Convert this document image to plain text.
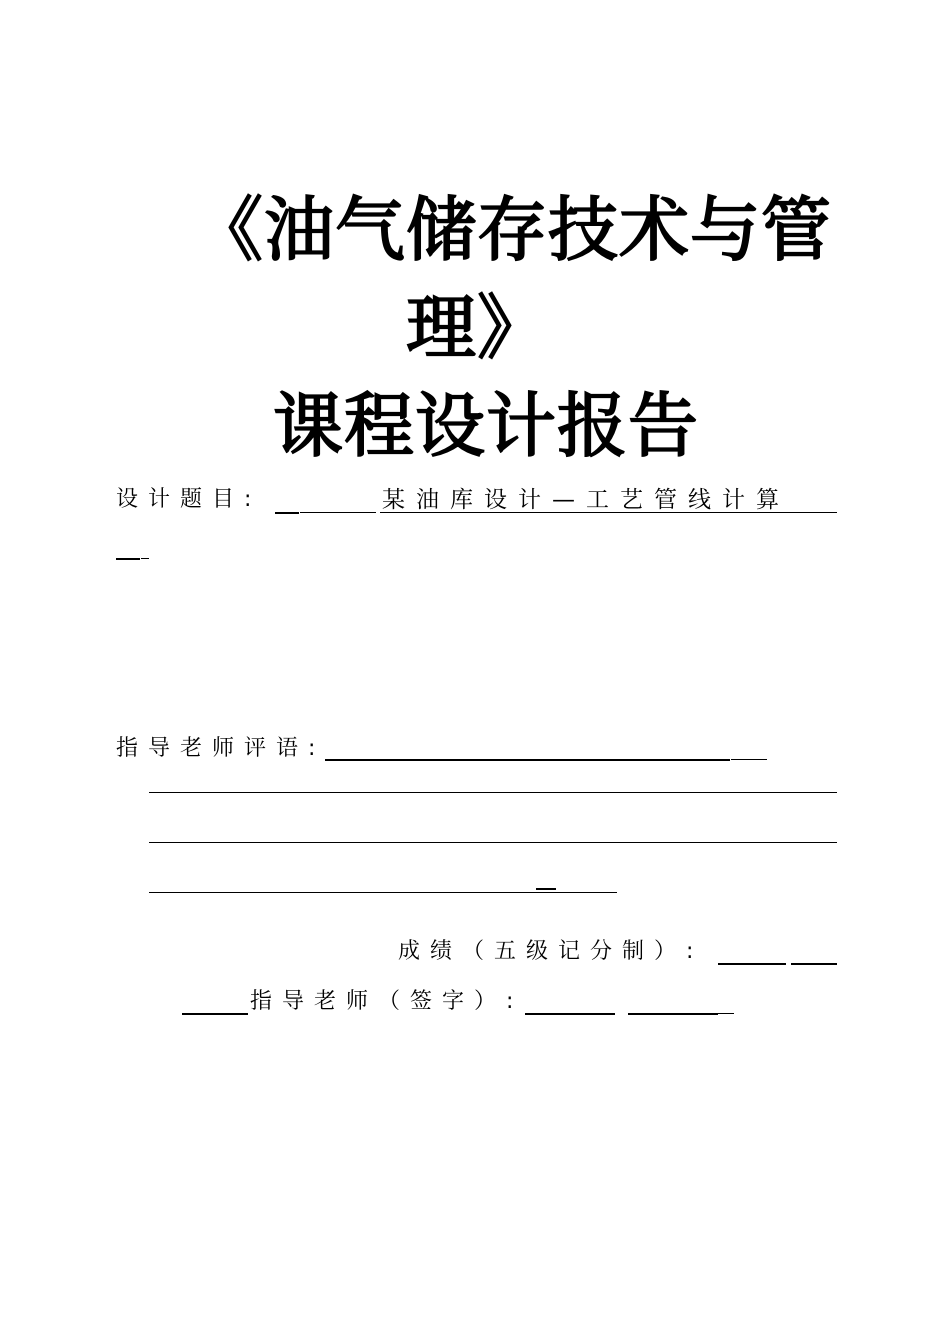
《油气储存技术与管
理》
课程设计报告
设计题目:	某油库设计—工艺管线计算
指导老师评语:
成绩（五级记分制）:
指导老师（签字）:
